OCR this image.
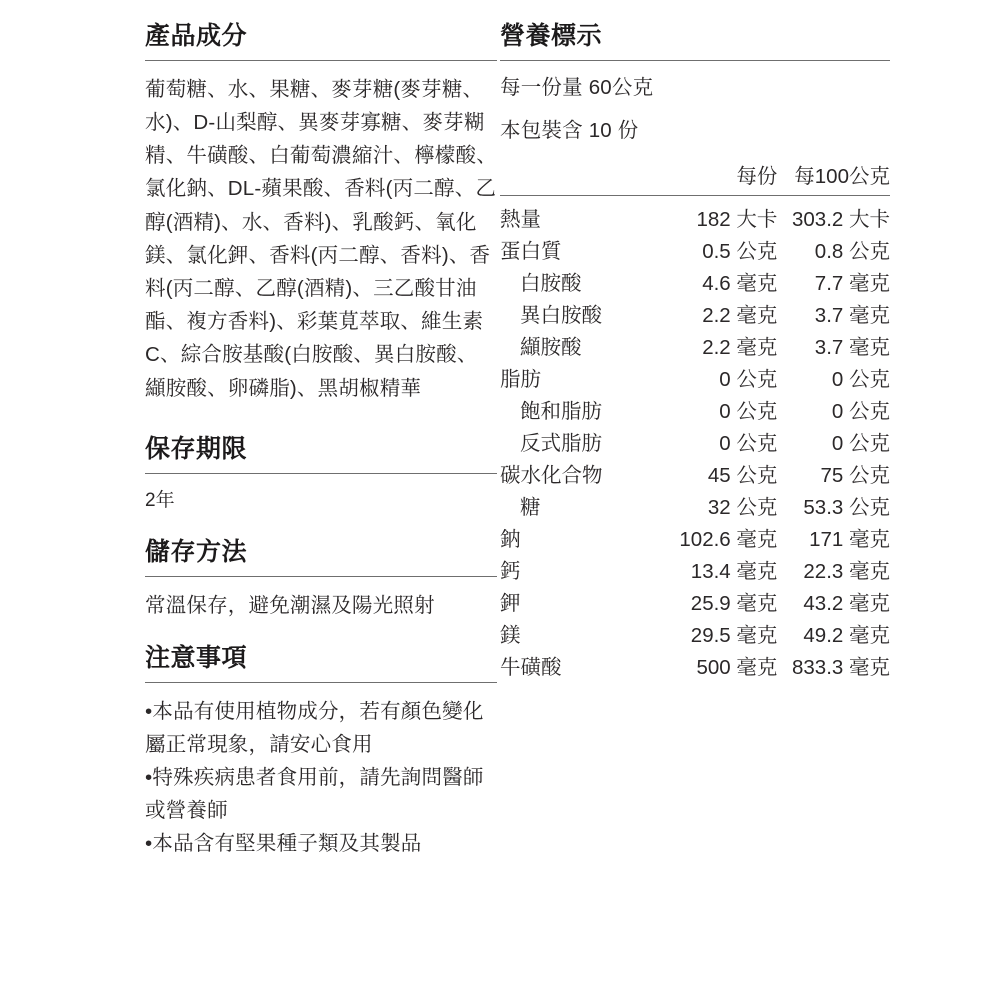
產品成分
葡萄糖、水、果糖、麥芽糖(麥芽糖、水)、D-山梨醇、異麥芽寡糖、麥芽糊精、牛磺酸、白葡萄濃縮汁、檸檬酸、氯化鈉、DL-蘋果酸、香料(丙二醇、乙醇(酒精)、水、香料)、乳酸鈣、氧化鎂、氯化鉀、香料(丙二醇、香料)、香料(丙二醇、乙醇(酒精)、三乙酸甘油酯、複方香料)、彩葉莧萃取、維生素C、綜合胺基酸(白胺酸、異白胺酸、纈胺酸、卵磷脂)、黑胡椒精華
保存期限
2年
儲存方法
常溫保存，避免潮濕及陽光照射
注意事項

•本品有使用植物成分，若有顏色變化屬正常現象，請安心食用

•特殊疾病患者食用前，請先詢問醫師或營養師

•本品含有堅果種子類及其製品

營養標示
每一份量 60公克
本包裝含 10 份
	每份	每100公克
熱量	182 大卡	303.2 大卡
蛋白質	0.5 公克	0.8 公克
白胺酸	4.6 毫克	7.7 毫克
異白胺酸	2.2 毫克	3.7 毫克
纈胺酸	2.2 毫克	3.7 毫克
脂肪	0 公克	0 公克
飽和脂肪	0 公克	0 公克
反式脂肪	0 公克	0 公克
碳水化合物	45 公克	75 公克
糖	32 公克	53.3 公克
鈉	102.6 毫克	171 毫克
鈣	13.4 毫克	22.3 毫克
鉀	25.9 毫克	43.2 毫克
鎂	29.5 毫克	49.2 毫克
牛磺酸	500 毫克	833.3 毫克
